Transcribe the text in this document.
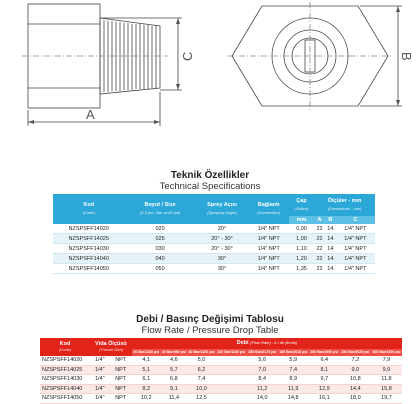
A
C	B
Teknik Özellikler
Technical Specifications
Kod
(Code)	Boyut / Size
(0.5 psi / Bar at 40 psi)	Sprey Açısı
(Spraying Angle)	Bağlantı
(Connection)	Çap
(Orifice)	Ölçüler - mm
(Dimensions - mm)		

				mm	A	B	C
NZSPSFF14020	020	20°	1/4" NPT	0,90	22	14	1/4" NPT
NZSPSFF14025	025	20° - 30°	1/4" NPT	1,00	22	14	1/4" NPT
NZSPSFF14030	030	20° - 30°	1/4" NPT	1,10	22	14	1/4" NPT
NZSPSFF14040	040	30°	1/4" NPT	1,20	22	14	1/4" NPT
NZSPSFF14050	050	30°	1/4" NPT	1,35	22	14	1/4" NPT
Debi / Basınç Değişimi Tablosu
Flow Rate / Pressure Drop Table
Kod
(Code)	Vida Ölçüsü
(Thread Size)		Debi (Flow Rate) - lt / dk (lt/min)								
			20 Bar/1160 psi	40 Bar/580 psi	80 Bar/1160 psi	120 Bar/1160 psi	150 Bar/2175 psi	180 Bar/2610 psi	200 Bar/2900 psi	250 Bar/3625 psi	300 Bar/4350 psi
NZSPSFF14020	1/4"	NPT	4,1	4,6	5,0		5,6	5,9	6,4	7,2	7,9
NZSPSFF14025	1/4"	NPT	5,1	5,7	6,2		7,0	7,4	8,1	9,0	9,9
NZSPSFF14030	1/4"	NPT	6,1	6,8	7,4		8,4	8,9	9,7	10,8	11,8
NZSPSFF14040	1/4"	NPT	8,2	9,1	10,0		11,2	11,9	12,9	14,4	15,8
NZSPSFF14050	1/4"	NPT	10,2	11,4	12,5		14,0	14,8	16,1	18,0	19,7
